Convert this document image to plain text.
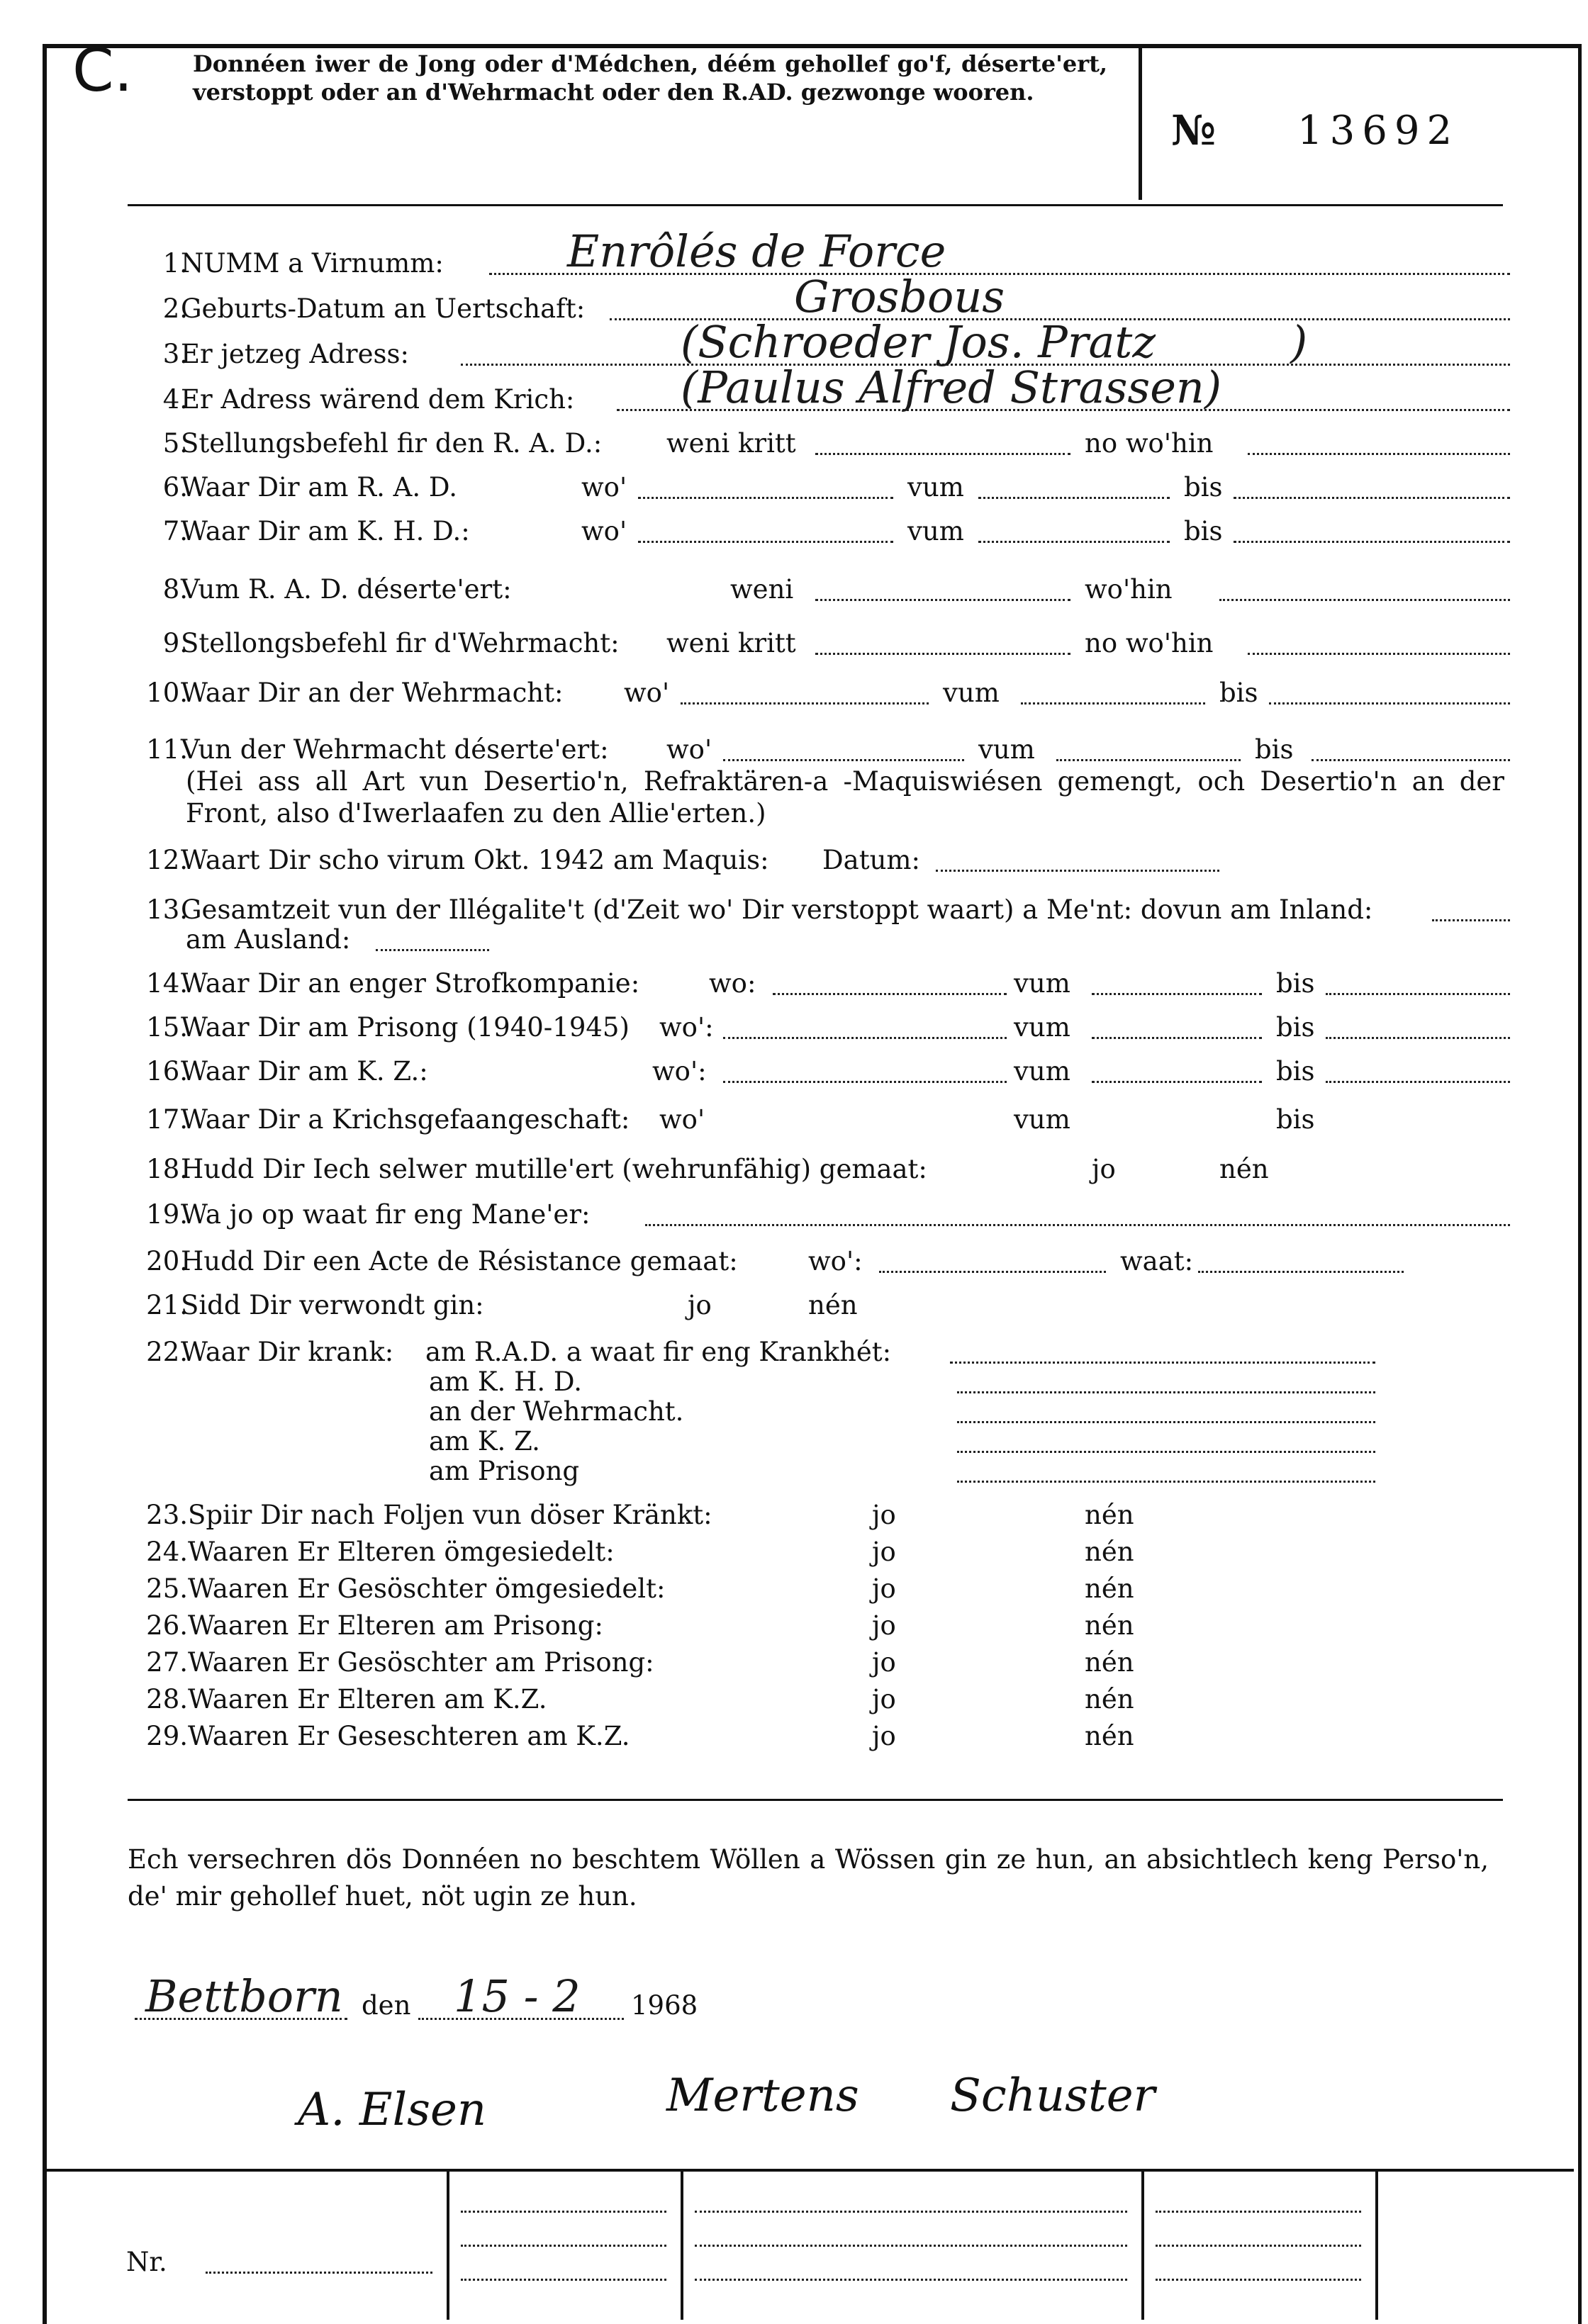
C.	Donnéen iwer de Jong oder d'Médchen, déém gehollef go'f, déserte'ert, verstoppt oder an d'Wehrmacht oder den R.AD. gezwonge wooren.
№ 13692
1.
NUMM a Virnumm:	Enrôlés de Force
2.
Geburts-Datum an Uertschaft:	Grosbous
3.
Er jetzeg Adress:	(Schroeder Jos. Pratz	)
4.
Er Adress wärend dem Krich: (Paulus Alfred Strassen)
5.
Stellungsbefehl fir den R. A. D.: weni kritt	no wo'hin
6.
Waar Dir am R. A. D.	wo'	vum	bis
7.
Waar Dir am K. H. D.:	wo'	vum	bis
8.
Vum R. A. D. déserte'ert:	weni	wo'hin
9.
Stellongsbefehl fir d'Wehrmacht: weni kritt	no wo'hin
10.
Waar Dir an der Wehrmacht: wo'	vum	bis
11.
Vun der Wehrmacht déserte'ert: wo'	vum	bis
(Hei ass all Art vun Desertio'n, Refraktären-a -Maquiswiésen gemengt, och Desertio'n an der Front, also d'Iwerlaafen zu den Allie'erten.)
12.
Waart Dir scho virum Okt. 1942 am Maquis: Datum:
13.
Gesamtzeit vun der Illégalite't (d'Zeit wo' Dir verstoppt waart) a Me'nt: dovun am Inland:
am Ausland:
14.
Waar Dir an enger Strofkompanie:	wo:	vum	bis
15.
Waar Dir am Prisong (1940-1945) wo':	vum	bis
16.
Waar Dir am K. Z.:	wo':	vum	bis
17.
Waar Dir a Krichsgefaangeschaft: wo'	vum	bis
18.
Hudd Dir Iech selwer mutille'ert (wehrunfähig) gemaat:	jo	nén
19.
Wa jo op waat fir eng Mane'er:
20.
Hudd Dir een Acte de Résistance gemaat:	wo':	waat:
21.
Sidd Dir verwondt gin:	jo	nén
22.
Waar Dir krank: am R.A.D. a waat fir eng Krankhét:
am K. H. D.
an der Wehrmacht.
am K. Z.
am Prisong
23. Spiir Dir nach Foljen vun döser Kränkt:	jo	nén
24. Waaren Er Elteren ömgesiedelt:	jo	nén
25. Waaren Er Gesöschter ömgesiedelt:	jo	nén
26. Waaren Er Elteren am Prisong:	jo	nén
27. Waaren Er Gesöschter am Prisong:	jo	nén
28. Waaren Er Elteren am K.Z.	jo	nén
29. Waaren Er Geseschteren am K.Z.	jo	nén
Ech versechren dös Donnéen no beschtem Wöllen a Wössen gin ze hun, an absichtlech keng Perso'n, de' mir gehollef huet, nöt ugin ze hun.
Bettborn den 15 - 2 1968
A. Elsen	Mertens Schuster
Nr.
